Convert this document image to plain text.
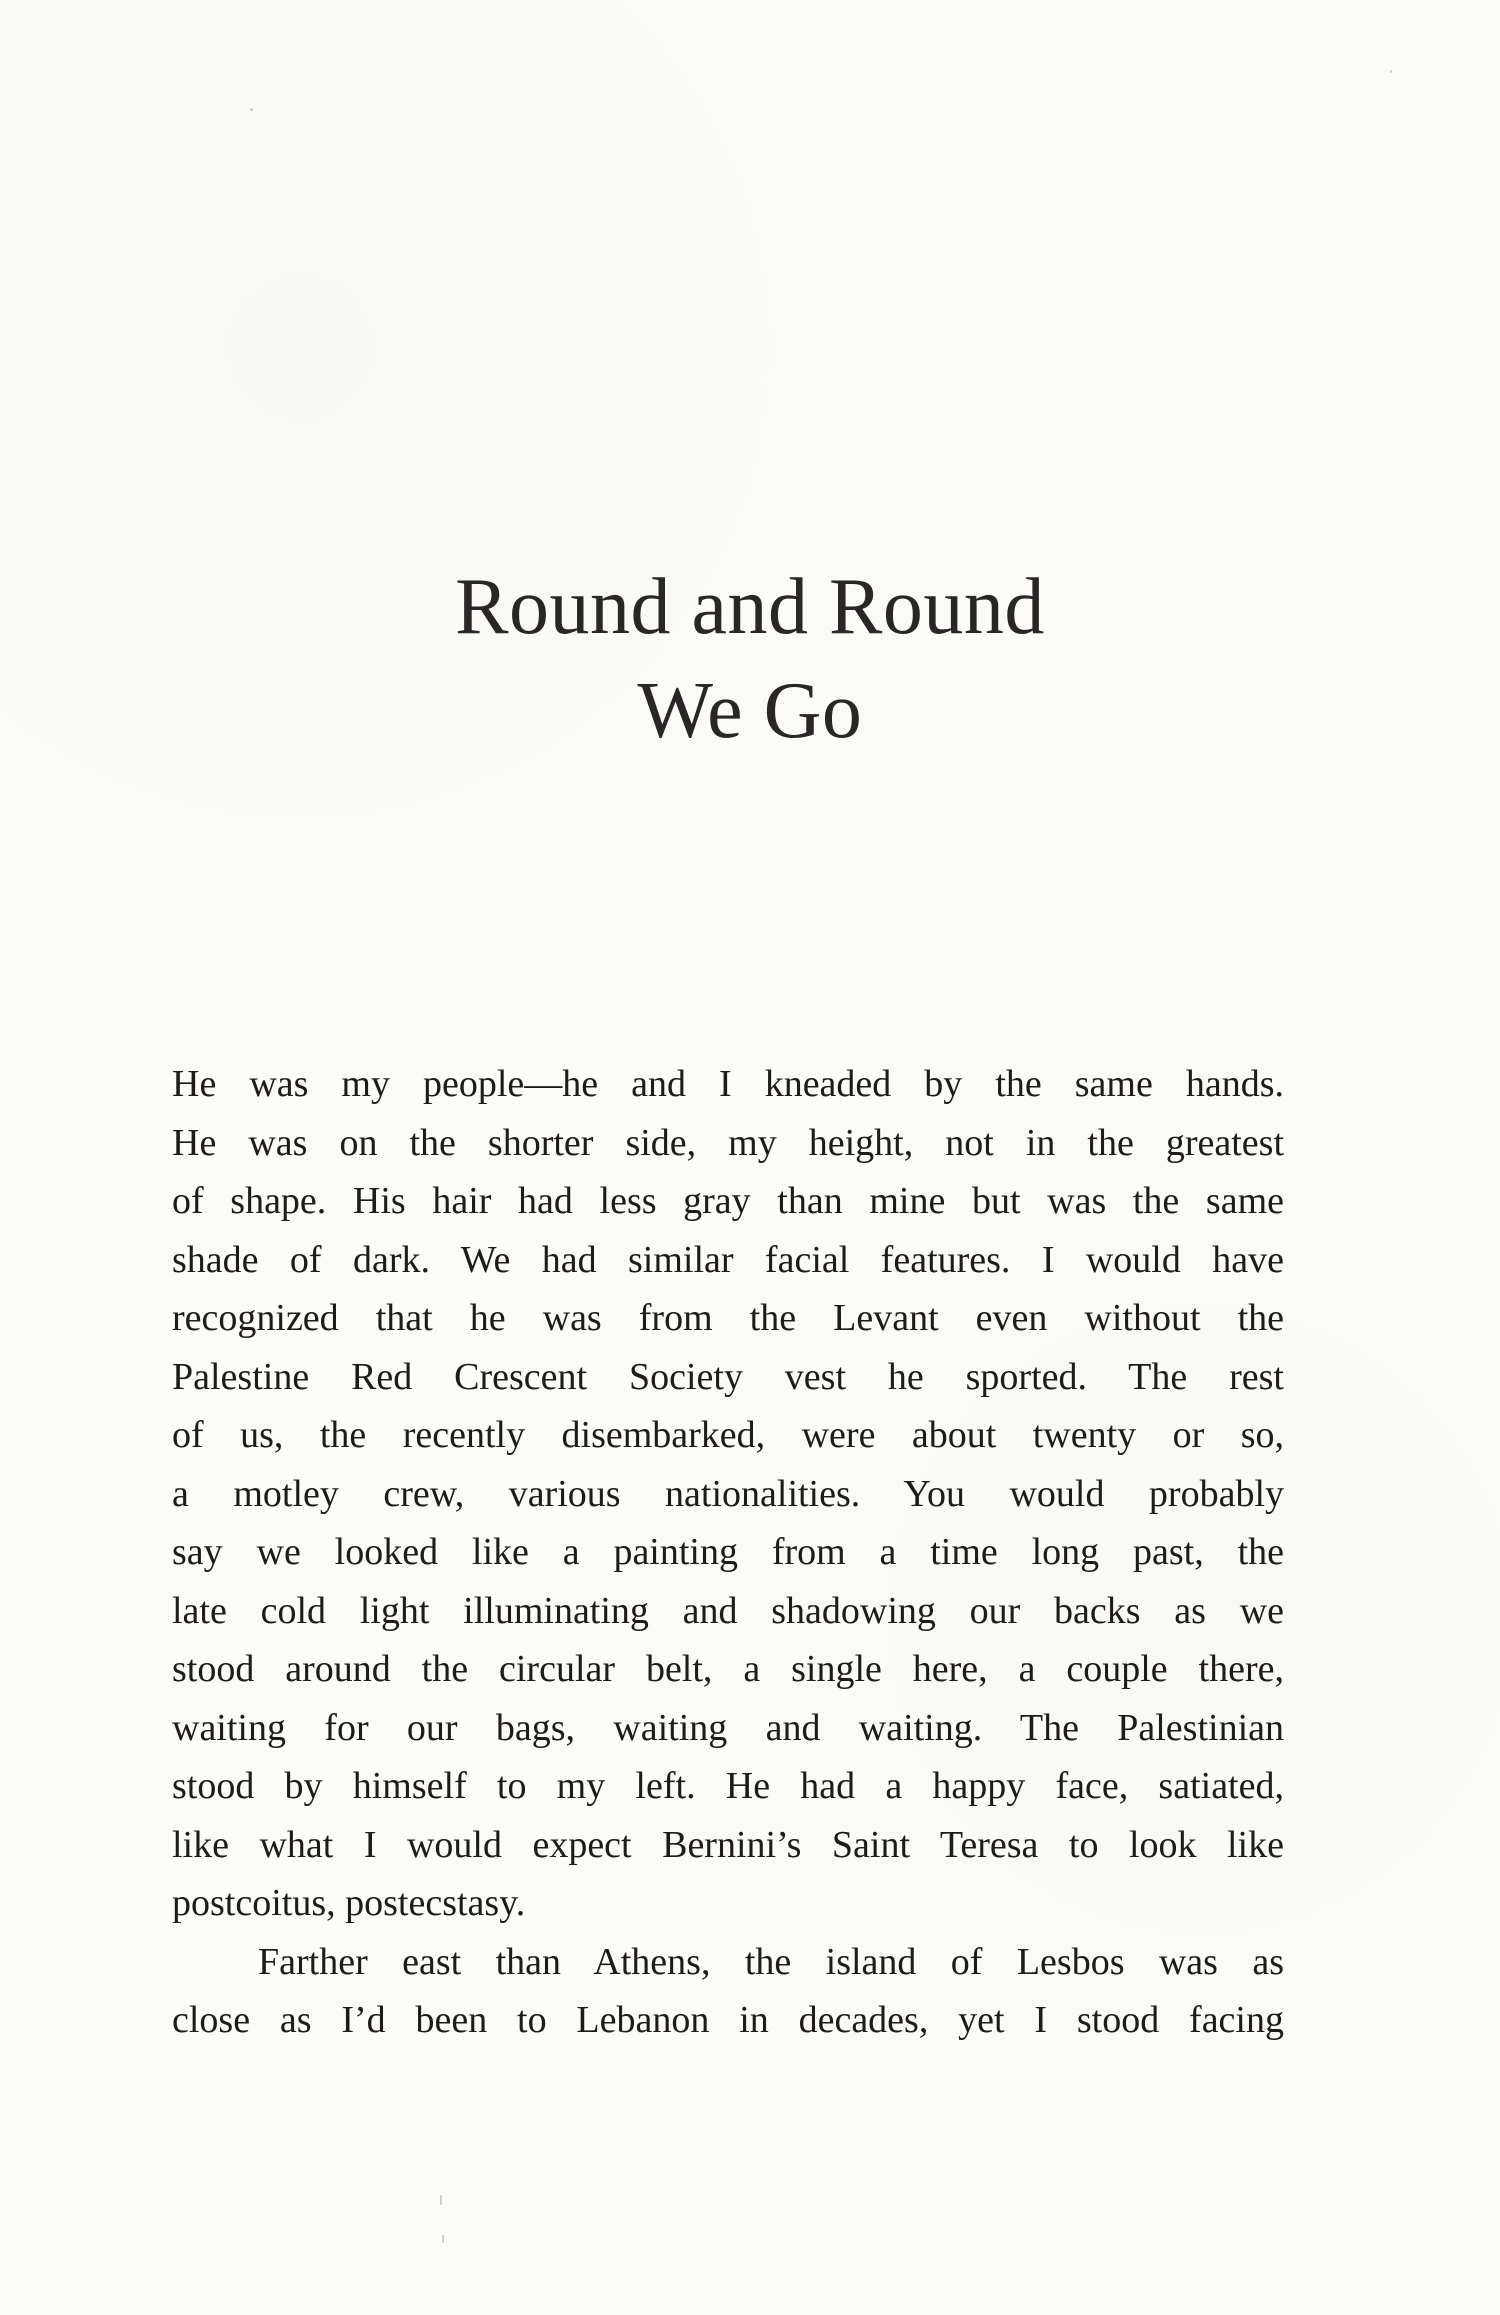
Round and Round
We Go

He was my people—he and I kneaded by the same hands.

He was on the shorter side, my height, not in the greatest

of shape. His hair had less gray than mine but was the same

shade of dark. We had similar facial features. I would have

recognized that he was from the Levant even without the

Palestine Red Crescent Society vest he sported. The rest

of us, the recently disembarked, were about twenty or so,

a motley crew, various nationalities. You would probably

say we looked like a painting from a time long past, the

late cold light illuminating and shadowing our backs as we

stood around the circular belt, a single here, a couple there,

waiting for our bags, waiting and waiting. The Palestinian

stood by himself to my left. He had a happy face, satiated,

like what I would expect Bernini’s Saint Teresa to look like

postcoitus, postecstasy.

Farther east than Athens, the island of Lesbos was as

close as I’d been to Lebanon in decades, yet I stood facing
